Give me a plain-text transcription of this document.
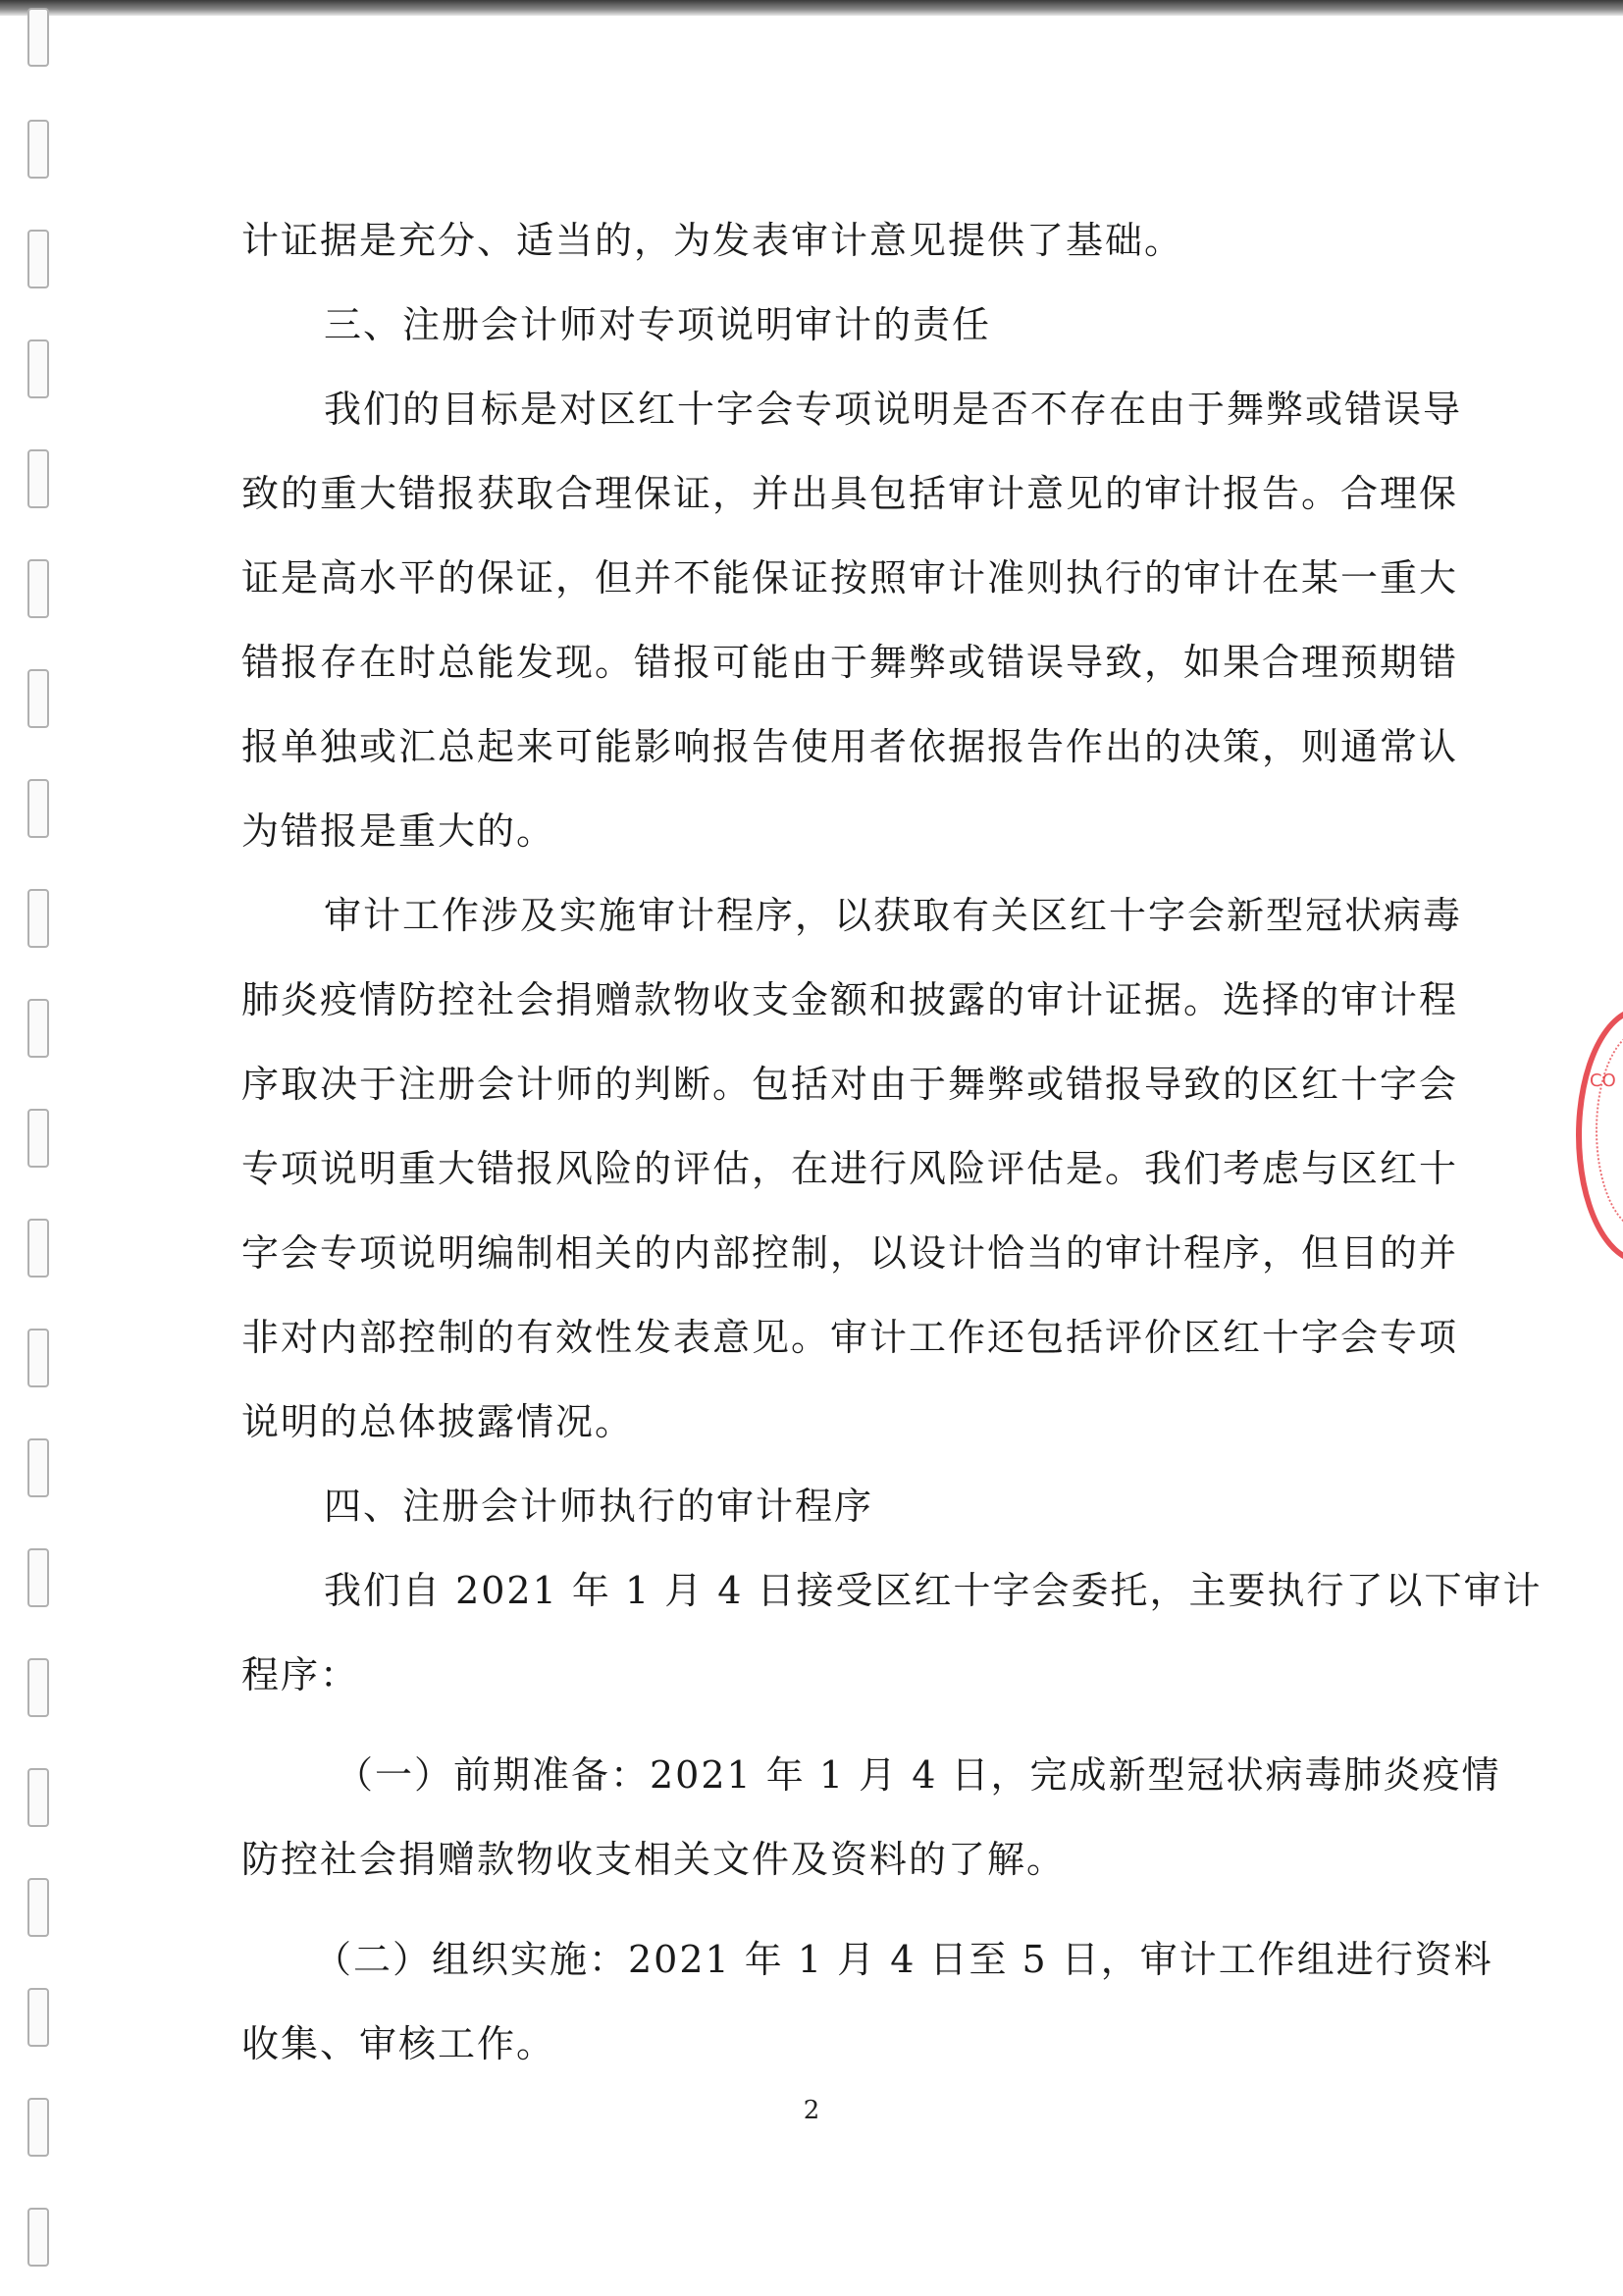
计证据是充分、适当的，为发表审计意见提供了基础。
三、注册会计师对专项说明审计的责任
我们的目标是对区红十字会专项说明是否不存在由于舞弊或错误导
致的重大错报获取合理保证，并出具包括审计意见的审计报告。合理保
证是高水平的保证，但并不能保证按照审计准则执行的审计在某一重大
错报存在时总能发现。错报可能由于舞弊或错误导致，如果合理预期错
报单独或汇总起来可能影响报告使用者依据报告作出的决策，则通常认
为错报是重大的。
审计工作涉及实施审计程序，以获取有关区红十字会新型冠状病毒
肺炎疫情防控社会捐赠款物收支金额和披露的审计证据。选择的审计程
序取决于注册会计师的判断。包括对由于舞弊或错报导致的区红十字会
专项说明重大错报风险的评估，在进行风险评估是。我们考虑与区红十
字会专项说明编制相关的内部控制，以设计恰当的审计程序，但目的并
非对内部控制的有效性发表意见。审计工作还包括评价区红十字会专项
说明的总体披露情况。
四、注册会计师执行的审计程序
我们自 2021 年 1 月 4 日接受区红十字会委托，主要执行了以下审计
程序：
（一）前期准备：2021 年 1 月 4 日，完成新型冠状病毒肺炎疫情
防控社会捐赠款物收支相关文件及资料的了解。
（二）组织实施：2021 年 1 月 4 日至 5 日，审计工作组进行资料
收集、审核工作。
2
CO
